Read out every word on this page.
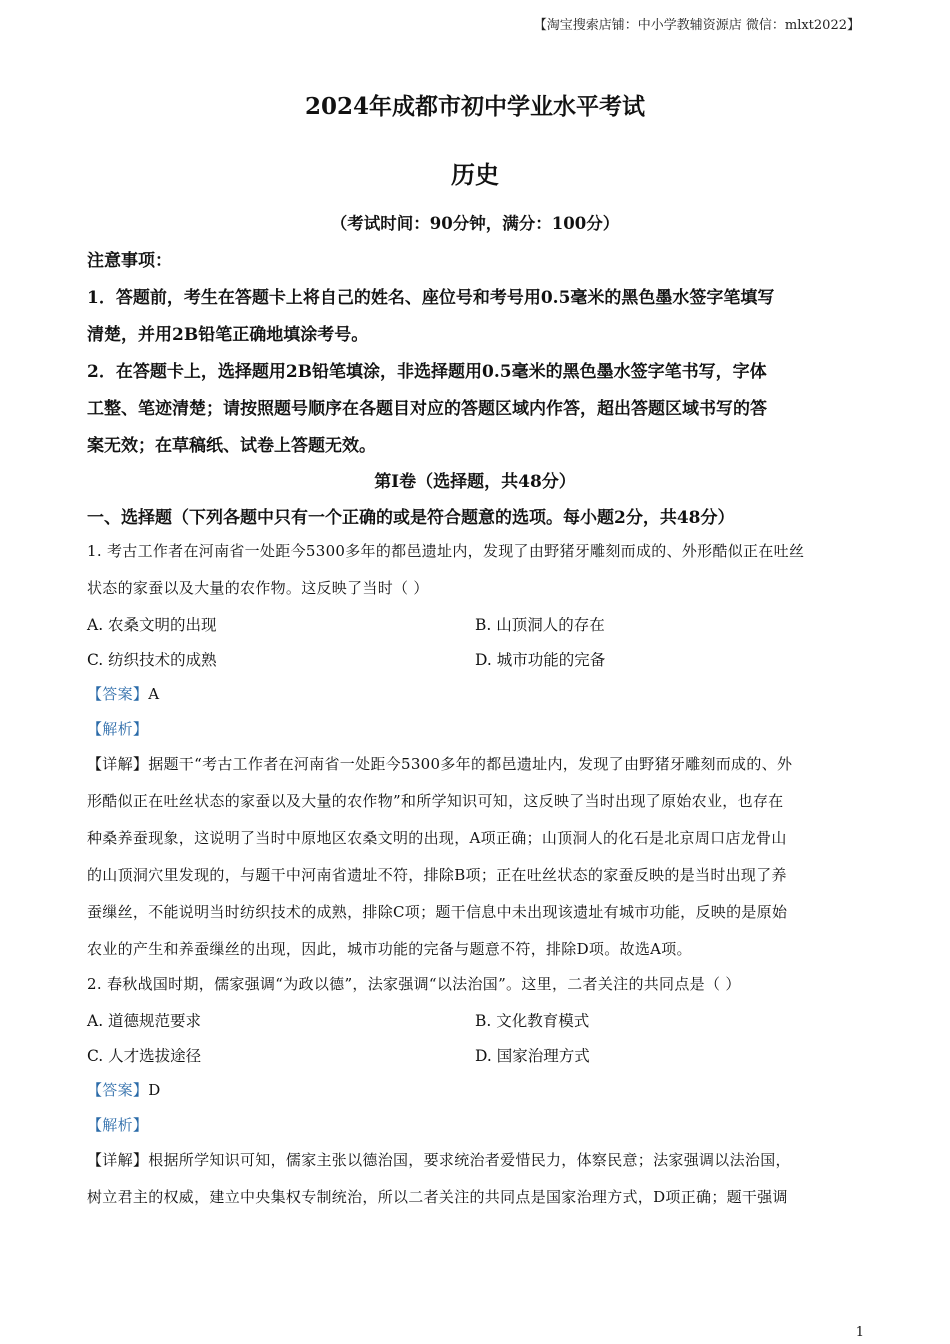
【淘宝搜索店铺：中小学教辅资源店 微信：mlxt2022】
2024年成都市初中学业水平考试
历史
（考试时间：90分钟，满分：100分）
注意事项：
1．答题前，考生在答题卡上将自己的姓名、座位号和考号用0.5毫米的黑色墨水签字笔填写
清楚，并用2B铅笔正确地填涂考号。
2．在答题卡上，选择题用2B铅笔填涂，非选择题用0.5毫米的黑色墨水签字笔书写，字体
工整、笔迹清楚；请按照题号顺序在各题目对应的答题区域内作答，超出答题区域书写的答
案无效；在草稿纸、试卷上答题无效。
第Ⅰ卷（选择题，共48分）
一、选择题（下列各题中只有一个正确的或是符合题意的选项。每小题2分，共48分）
1. 考古工作者在河南省一处距今5300多年的都邑遗址内，发现了由野猪牙雕刻而成的、外形酷似正在吐丝
状态的家蚕以及大量的农作物。这反映了当时（ ）
A. 农桑文明的出现	B. 山顶洞人的存在
C. 纺织技术的成熟	D. 城市功能的完备
【答案】A
【解析】
【详解】据题干“考古工作者在河南省一处距今5300多年的都邑遗址内，发现了由野猪牙雕刻而成的、外
形酷似正在吐丝状态的家蚕以及大量的农作物”和所学知识可知，这反映了当时出现了原始农业，也存在
种桑养蚕现象，这说明了当时中原地区农桑文明的出现，A项正确；山顶洞人的化石是北京周口店龙骨山
的山顶洞穴里发现的，与题干中河南省遗址不符，排除B项；正在吐丝状态的家蚕反映的是当时出现了养
蚕缫丝，不能说明当时纺织技术的成熟，排除C项；题干信息中未出现该遗址有城市功能，反映的是原始
农业的产生和养蚕缫丝的出现，因此，城市功能的完备与题意不符，排除D项。故选A项。
2. 春秋战国时期，儒家强调“为政以德”，法家强调“以法治国”。这里，二者关注的共同点是（ ）
A. 道德规范要求	B. 文化教育模式
C. 人才选拔途径	D. 国家治理方式
【答案】D
【解析】
【详解】根据所学知识可知，儒家主张以德治国，要求统治者爱惜民力，体察民意；法家强调以法治国，
树立君主的权威，建立中央集权专制统治，所以二者关注的共同点是国家治理方式，D项正确；题干强调
1
